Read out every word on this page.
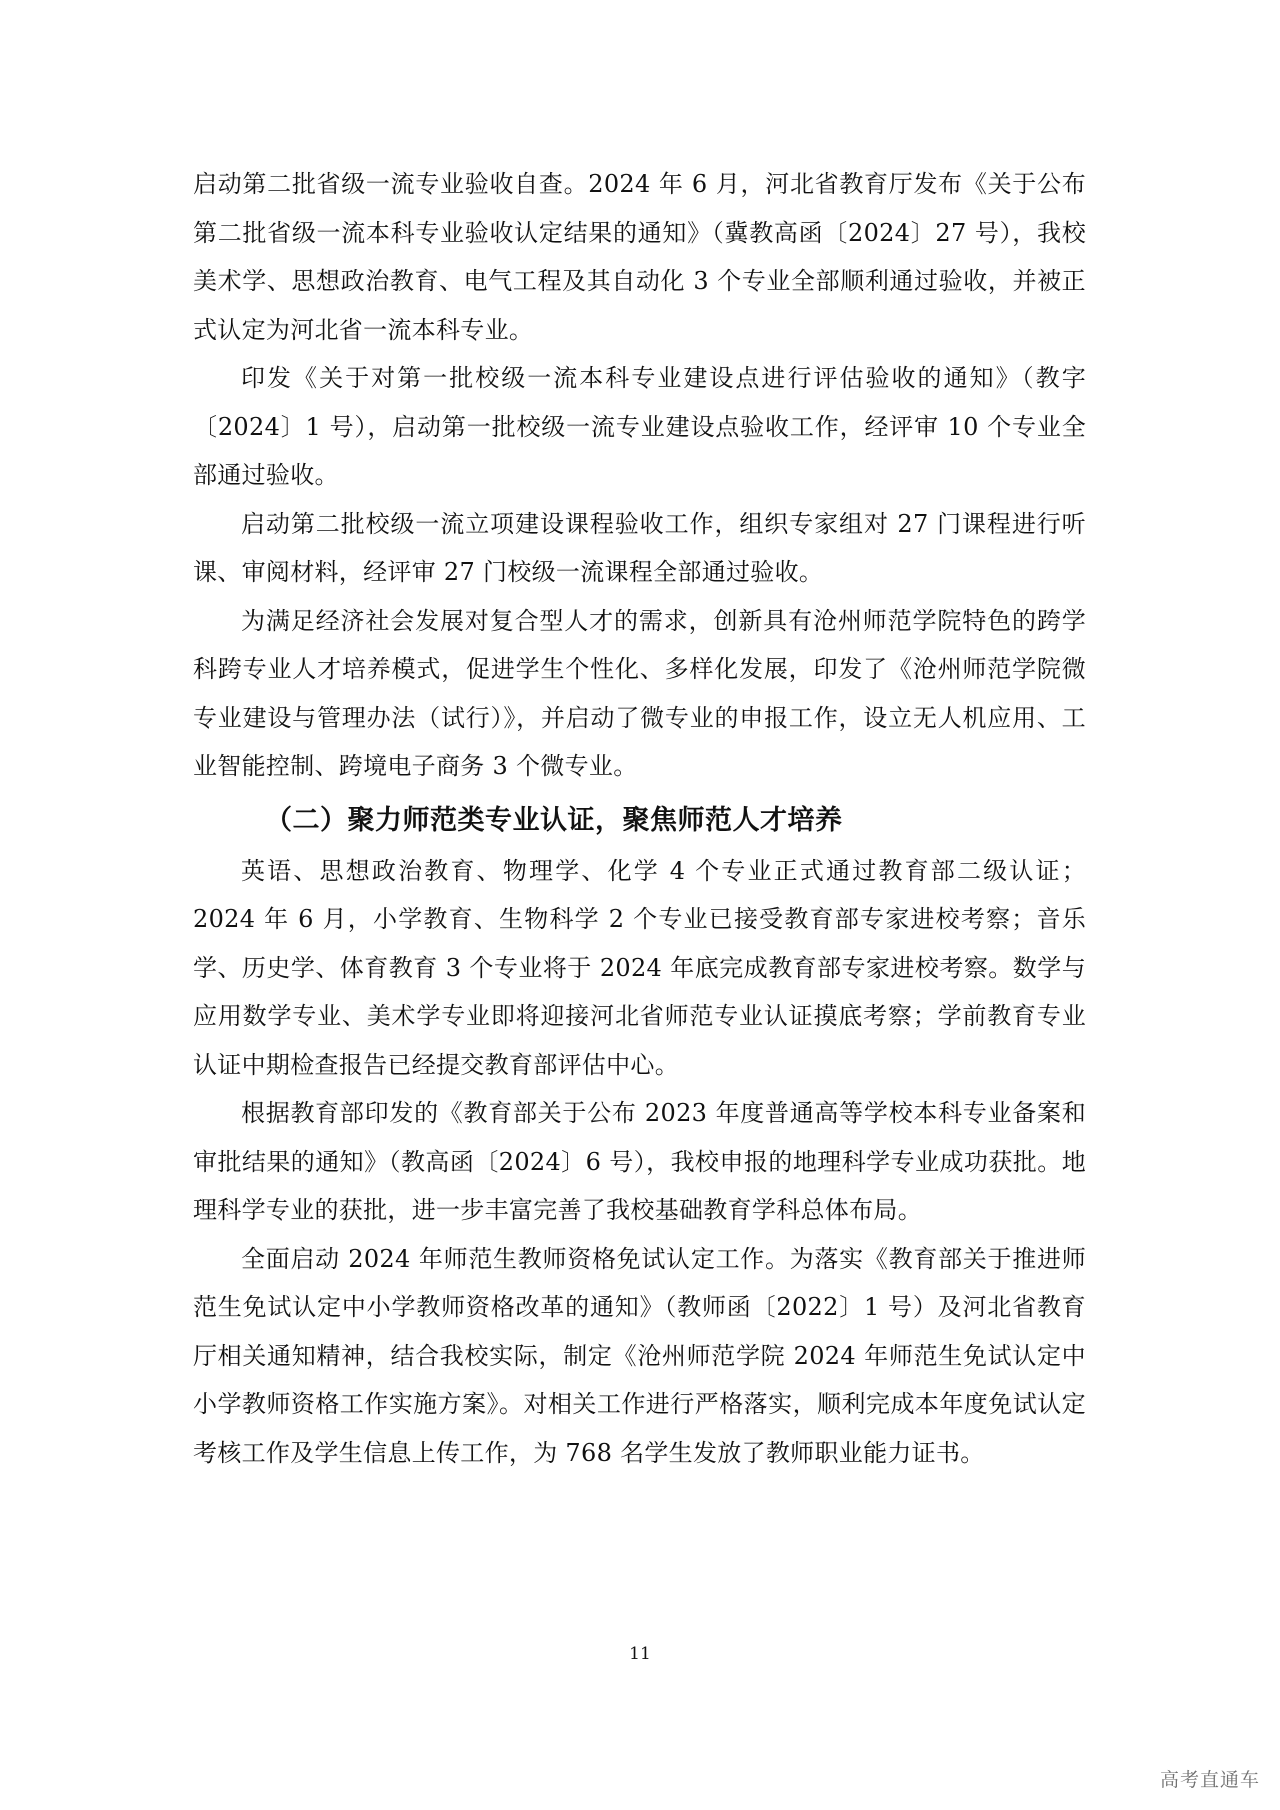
启动第二批省级一流专业验收自查。2024 年 6 月，河北省教育厅发布《关于公布第二批省级一流本科专业验收认定结果的通知》（冀教高函〔2024〕27 号），我校美术学、思想政治教育、电气工程及其自动化 3 个专业全部顺利通过验收，并被正式认定为河北省一流本科专业。

印发《关于对第一批校级一流本科专业建设点进行评估验收的通知》（教字〔2024〕1 号），启动第一批校级一流专业建设点验收工作，经评审 10 个专业全部通过验收。

启动第二批校级一流立项建设课程验收工作，组织专家组对 27 门课程进行听课、审阅材料，经评审 27 门校级一流课程全部通过验收。

为满足经济社会发展对复合型人才的需求，创新具有沧州师范学院特色的跨学科跨专业人才培养模式，促进学生个性化、多样化发展，印发了《沧州师范学院微专业建设与管理办法（试行）》，并启动了微专业的申报工作，设立无人机应用、工业智能控制、跨境电子商务 3 个微专业。

（二）聚力师范类专业认证，聚焦师范人才培养

英语、思想政治教育、物理学、化学 4 个专业正式通过教育部二级认证；2024 年 6 月，小学教育、生物科学 2 个专业已接受教育部专家进校考察；音乐学、历史学、体育教育 3 个专业将于 2024 年底完成教育部专家进校考察。数学与应用数学专业、美术学专业即将迎接河北省师范专业认证摸底考察；学前教育专业认证中期检查报告已经提交教育部评估中心。

根据教育部印发的《教育部关于公布 2023 年度普通高等学校本科专业备案和审批结果的通知》（教高函〔2024〕6 号），我校申报的地理科学专业成功获批。地理科学专业的获批，进一步丰富完善了我校基础教育学科总体布局。

全面启动 2024 年师范生教师资格免试认定工作。为落实《教育部关于推进师范生免试认定中小学教师资格改革的通知》（教师函〔2022〕1 号）及河北省教育厅相关通知精神，结合我校实际，制定《沧州师范学院 2024 年师范生免试认定中小学教师资格工作实施方案》。对相关工作进行严格落实，顺利完成本年度免试认定考核工作及学生信息上传工作，为 768 名学生发放了教师职业能力证书。

11
高考直通车
